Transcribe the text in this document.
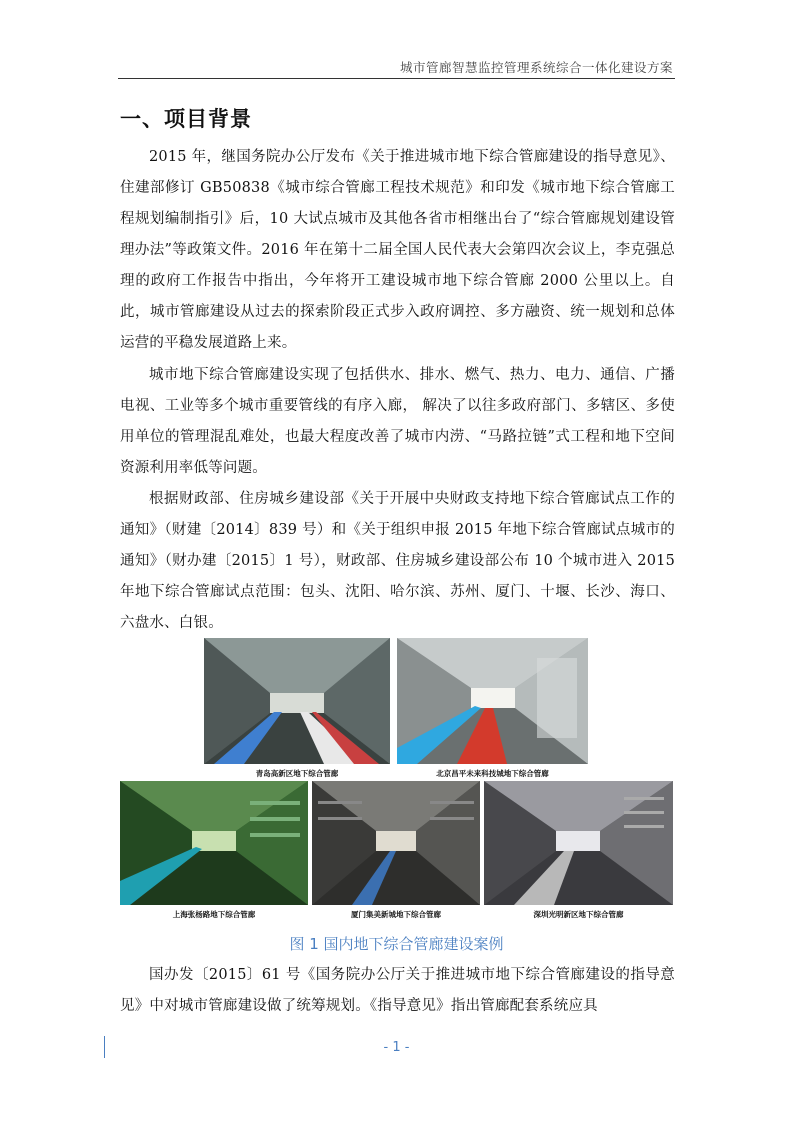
城市管廊智慧监控管理系统综合一体化建设方案
一、项目背景

2015 年，继国务院办公厅发布《关于推进城市地下综合管廊建设的指导意见》、住建部修订 GB50838《城市综合管廊工程技术规范》和印发《城市地下综合管廊工程规划编制指引》后，10 大试点城市及其他各省市相继出台了“综合管廊规划建设管理办法”等政策文件。2016 年在第十二届全国人民代表大会第四次会议上，李克强总理的政府工作报告中指出，今年将开工建设城市地下综合管廊 2000 公里以上。自此，城市管廊建设从过去的探索阶段正式步入政府调控、多方融资、统一规划和总体运营的平稳发展道路上来。

城市地下综合管廊建设实现了包括供水、排水、燃气、热力、电力、通信、广播电视、工业等多个城市重要管线的有序入廊， 解决了以往多政府部门、多辖区、多使用单位的管理混乱难处，也最大程度改善了城市内涝、“马路拉链”式工程和地下空间资源利用率低等问题。

根据财政部、住房城乡建设部《关于开展中央财政支持地下综合管廊试点工作的通知》（财建〔2014〕839 号）和《关于组织申报 2015 年地下综合管廊试点城市的通知》（财办建〔2015〕1 号），财政部、住房城乡建设部公布 10 个城市进入 2015 年地下综合管廊试点范围：包头、沈阳、哈尔滨、苏州、厦门、十堰、长沙、海口、六盘水、白银。

青岛高新区地下综合管廊	北京昌平未来科技城地下综合管廊
上海张杨路地下综合管廊	厦门集美新城地下综合管廊	深圳光明新区地下综合管廊

图 1 国内地下综合管廊建设案例

国办发〔2015〕61 号《国务院办公厅关于推进城市地下综合管廊建设的指导意见》中对城市管廊建设做了统筹规划。《指导意见》指出管廊配套系统应具

- 1 -
